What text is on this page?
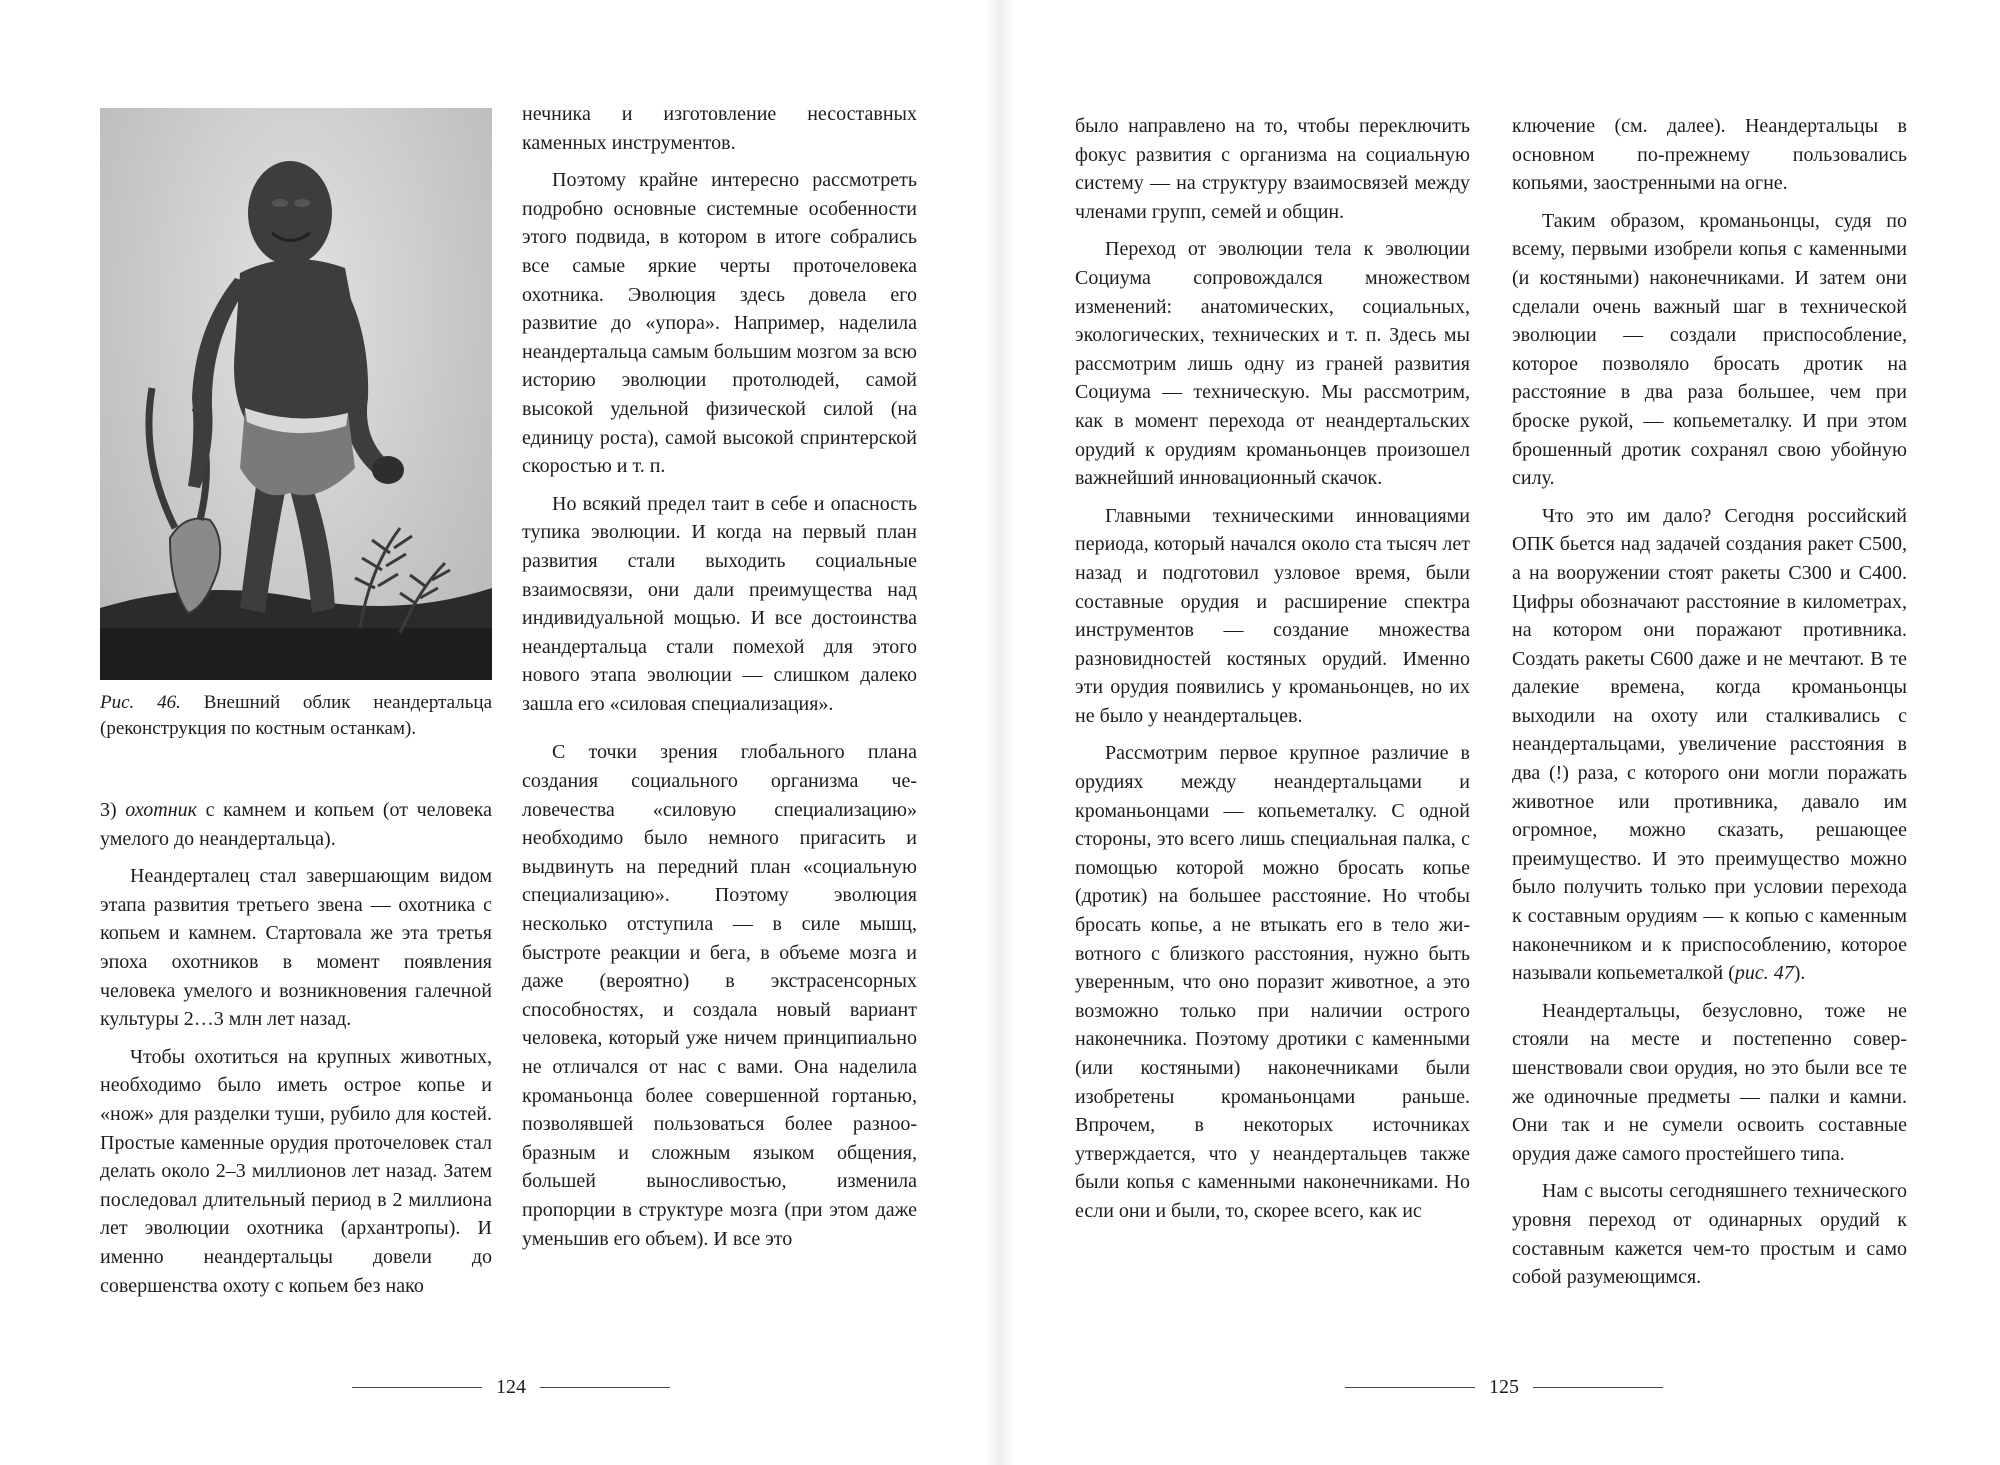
Рис. 46. Внешний облик неандертальца (реконструкция по костным останкам).

3) охотник с камнем и копьем (от человека умелого до неандертальца).

Неандерталец стал завершающим видом этапа развития третьего звена — охотника с копьем и камнем. Стартовала же эта третья эпоха охотников в момент появления человека умелого и возникновения галечной культуры 2…3 млн лет назад.

Чтобы охотиться на крупных животных, необходимо было иметь острое копье и «нож» для разделки туши, рубило для костей. Простые каменные орудия проточеловек стал делать около 2–3 миллионов лет назад. Затем последовал длительный период в 2 миллиона лет эволюции охотника (архантропы). И именно неандертальцы довели до совершенства охоту с копьем без нако

нечника и изготовление несоставных каменных инструментов.

Поэтому крайне интересно рассмотреть подробно основные системные особенности этого подвида, в котором в итоге собрались все самые яркие черты проточеловека охотника. Эволюция здесь довела его развитие до «упора». Например, наделила неандертальца самым большим мозгом за всю историю эволюции протолюдей, самой высокой удельной физической силой (на единицу роста), самой высокой спринтерской скоростью и т. п.

Но всякий предел таит в себе и опасность тупика эволюции. И когда на первый план развития стали выходить социальные взаимосвязи, они дали преимущества над индивидуальной мощью. И все достоинства неандертальца стали помехой для этого нового этапа эволюции — слишком далеко зашла его «силовая специализация».

С точки зрения глобального плана создания социального организма человечества «силовую специализацию» необходимо было немного пригасить и выдвинуть на передний план «социальную специализацию». Поэтому эволюция несколько отступила — в силе мышц, быстроте реакции и бега, в объеме мозга и даже (вероятно) в экстрасенсорных способностях, и создала новый вариант человека, который уже ничем принципиально не отличался от нас с вами. Она наделила кроманьонца более совершенной гортанью, позволявшей пользоваться более разнообразным и сложным языком общения, большей выносливостью, изменила пропорции в структуре мозга (при этом даже уменьшив его объем). И все это

124

было направлено на то, чтобы переключить фокус развития с организма на социальную систему — на структуру взаимосвязей между членами групп, семей и общин.

Переход от эволюции тела к эволюции Социума сопровождался множеством изменений: анатомических, социальных, экологических, технических и т. п. Здесь мы рассмотрим лишь одну из граней развития Социума — техническую. Мы рассмотрим, как в момент перехода от неандертальских орудий к орудиям кроманьонцев произошел важнейший инновационный скачок.

Главными техническими инновациями периода, который начался около ста тысяч лет назад и подготовил узловое время, были составные орудия и расширение спектра инструментов — создание множества разновидностей костяных орудий. Именно эти орудия появились у кроманьонцев, но их не было у неандертальцев.

Рассмотрим первое крупное различие в орудиях между неандертальцами и кроманьонцами — копьеметалку. С одной стороны, это всего лишь специальная палка, с помощью которой можно бросать копье (дротик) на большее расстояние. Но чтобы бросать копье, а не втыкать его в тело животного с близкого расстояния, нужно быть уверенным, что оно поразит животное, а это возможно только при наличии острого наконечника. Поэтому дротики с каменными (или костяными) наконечниками были изобретены кроманьонцами раньше. Впрочем, в некоторых источниках утверждается, что у неандертальцев также были копья с каменными наконечниками. Но если они и были, то, скорее всего, как ис

ключение (см. далее). Неандертальцы в основном по-прежнему пользовались копьями, заостренными на огне.

Таким образом, кроманьонцы, судя по всему, первыми изобрели копья с каменными (и костяными) наконечниками. И затем они сделали очень важный шаг в технической эволюции — создали приспособление, которое позволяло бросать дротик на расстояние в два раза большее, чем при броске рукой, — копьеметалку. И при этом брошенный дротик сохранял свою убойную силу.

Что это им дало? Сегодня российский ОПК бьется над задачей создания ракет С500, а на вооружении стоят ракеты С300 и С400. Цифры обозначают расстояние в километрах, на котором они поражают противника. Создать ракеты С600 даже и не мечтают. В те далекие времена, когда кроманьонцы выходили на охоту или сталкивались с неандертальцами, увеличение расстояния в два (!) раза, с которого они могли поражать животное или противника, давало им огромное, можно сказать, решающее преимущество. И это преимущество можно было получить только при условии перехода к составным орудиям — к копью с каменным наконечником и к приспособлению, которое называли копьеметалкой (рис. 47).

Неандертальцы, безусловно, тоже не стояли на месте и постепенно совершенствовали свои орудия, но это были все те же одиночные предметы — палки и камни. Они так и не сумели освоить составные орудия даже самого простейшего типа.

Нам с высоты сегодняшнего технического уровня переход от одинарных орудий к составным кажется чем-то простым и само собой разумеющимся.

125
